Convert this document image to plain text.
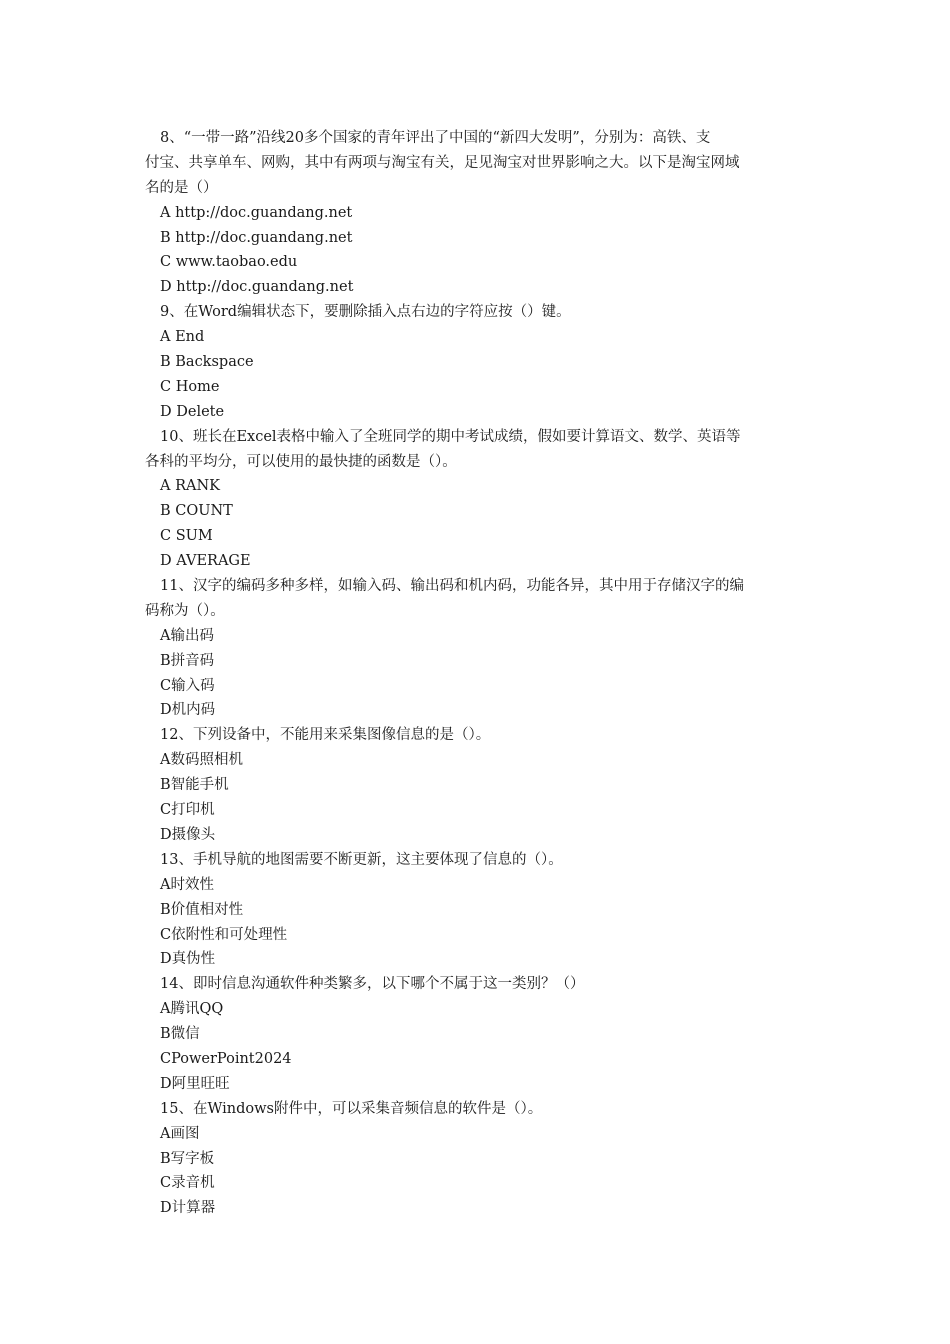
8、“一带一路”沿线20多个国家的青年评出了中国的“新四大发明”，分别为：高铁、支
付宝、共享单车、网购，其中有两项与淘宝有关，足见淘宝对世界影响之大。以下是淘宝网域
名的是（）
A http://doc.guandang.net
B http://doc.guandang.net
C www.taobao.edu
D http://doc.guandang.net
9、在Word编辑状态下，要删除插入点右边的字符应按（）键。
A End
B Backspace
C Home
D Delete
10、班长在Excel表格中输入了全班同学的期中考试成绩，假如要计算语文、数学、英语等
各科的平均分，可以使用的最快捷的函数是（）。
A RANK
B COUNT
C SUM
D AVERAGE
11、汉字的编码多种多样，如输入码、输出码和机内码，功能各异，其中用于存储汉字的编
码称为（）。
A输出码
B拼音码
C输入码
D机内码
12、下列设备中，不能用来采集图像信息的是（）。
A数码照相机
B智能手机
C打印机
D摄像头
13、手机导航的地图需要不断更新，这主要体现了信息的（）。
A时效性
B价值相对性
C依附性和可处理性
D真伪性
14、即时信息沟通软件种类繁多，以下哪个不属于这一类别？（）
A腾讯QQ
B微信
CPowerPoint2024
D阿里旺旺
15、在Windows附件中，可以采集音频信息的软件是（）。
A画图
B写字板
C录音机
D计算器
